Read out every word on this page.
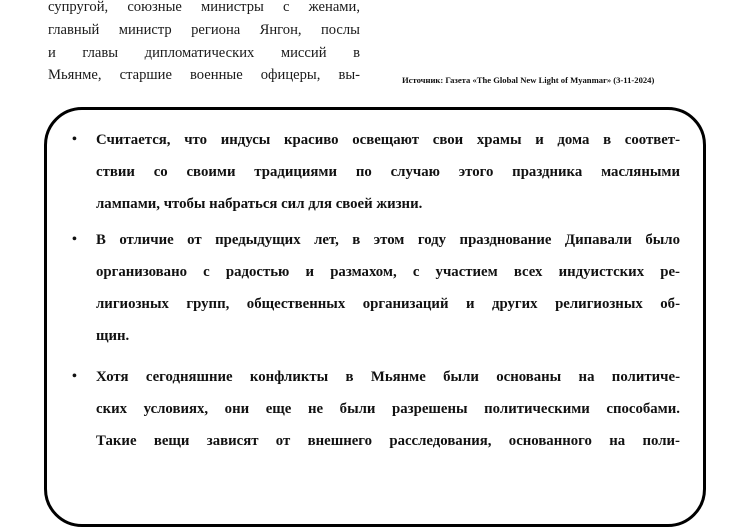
супругой, союзные министры с женами,
главный министр региона Янгон, послы
и главы дипломатических миссий в
Мьянме, старшие военные офицеры, вы-	Источник: Газета «The Global New Light of Myanmar» (3-11-2024)
• Считается, что индусы красиво освещают свои храмы и дома в соответ-
ствии со своими традициями по случаю этого праздника масляными
лампами, чтобы набраться сил для своей жизни.
• В отличие от предыдущих лет, в этом году празднование Дипавали было
организовано с радостью и размахом, с участием всех индуистских ре-
лигиозных групп, общественных организаций и других религиозных об-
щин.
• Хотя сегодняшние конфликты в Мьянме были основаны на политиче-
ских условиях, они еще не были разрешены политическими способами.
Такие вещи зависят от внешнего расследования, основанного на поли-
